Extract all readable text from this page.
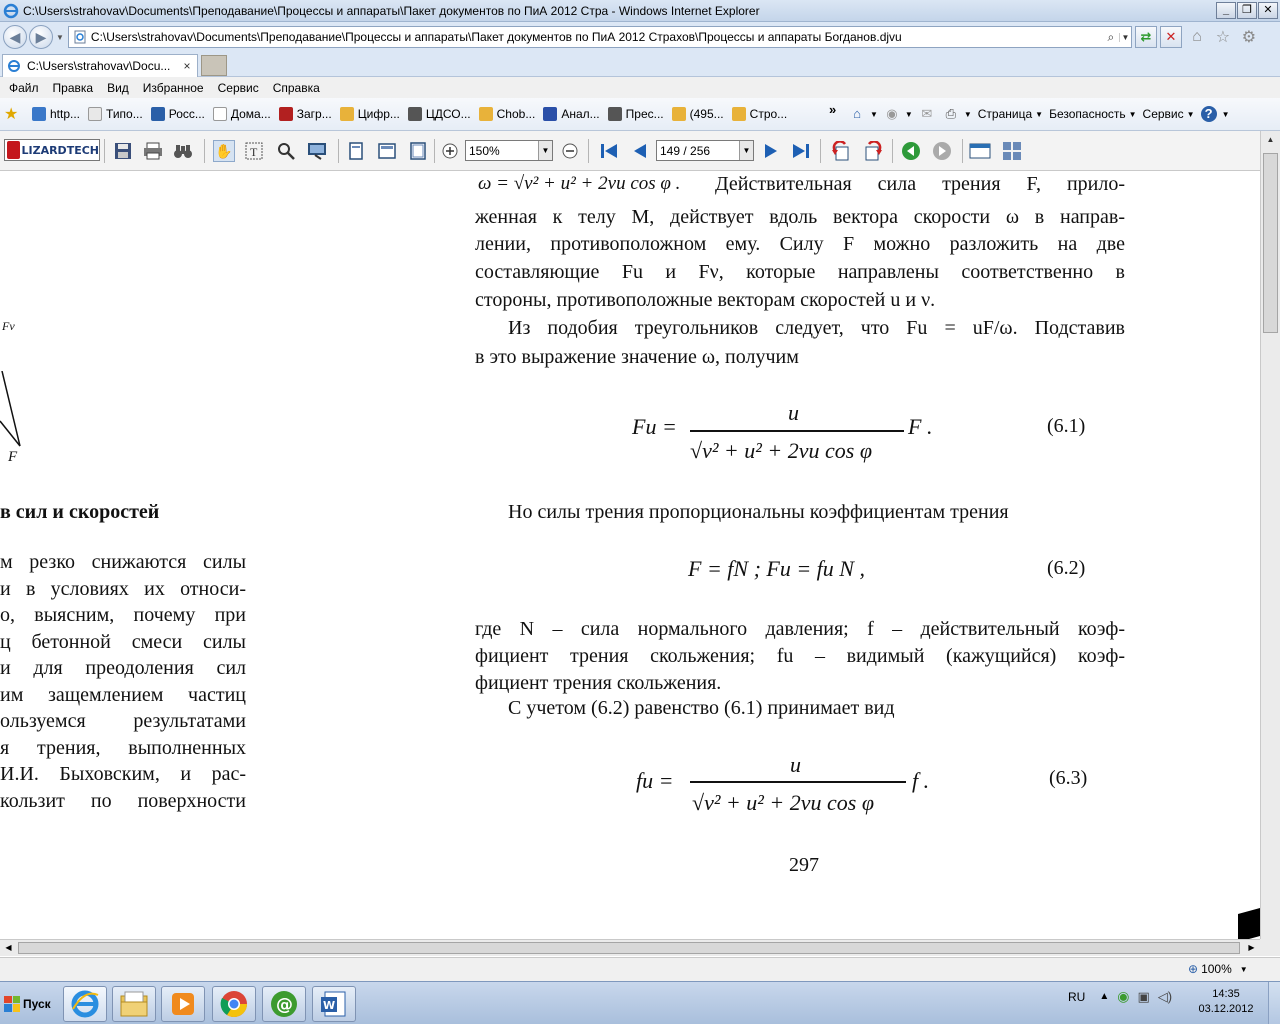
C:\Users\strahovav\Documents\Преподавание\Процессы и аппараты\Пакет документов по ПиА 2012 Стра - Windows Internet Explorer	_	❐	✕
◀ ▶ ▼ C:\Users\strahovav\Documents\Преподавание\Процессы и аппараты\Пакет документов по ПиА 2012 Страхов\Процессы и аппараты Богданов.djvu	⌕ ▼ ⇄ ✕ ⌂ ☆ ⚙
C:\Users\strahovav\Docu...	×
Файл	Правка	Вид	Избранное	Сервис	Справка
★	http... Типо... Росс... Дома... Загр... Цифр... ЦДСО... Chob... Анал... Прес... (495... Стро...	»	⌂	▼ ◉ ▼ ✉ ⎙ ▼ Страница ▼ Безопасность ▼ Сервис ▼ ?	▼
LIZARDTECH	✋ T	150%	▼	149 / 256	▼
Fν
F
в сил и скоростей
м резко снижаются силы
и в условиях их относи-
о, выясним, почему при
ц бетонной смеси силы
и для преодоления сил
им защемлением частиц
ользуемся результатами
я трения, выполненных
И.И. Быховским, и рас-
кользит по поверхности
ω = √ν² + u² + 2νu cos φ . Действительная сила трения F, прило-
женная к телу M, действует вдоль вектора скорости ω в направ-
лении, противоположном ему. Силу F можно разложить на две
составляющие Fu и Fν, которые направлены соответственно в
стороны, противоположные векторам скоростей u и ν.
Из подобия треугольников следует, что Fu = uF/ω. Подставив
в это выражение значение ω, получим
Fu =
u
√ν² + u² + 2νu cos φ
F .	(6.1)
Но силы трения пропорциональны коэффициентам трения
F = fN ; Fu = fu N ,	(6.2)
где N – сила нормального давления; f – действительный коэф-
фициент трения скольжения; fu – видимый (кажущийся) коэф-
фициент трения скольжения.
С учетом (6.2) равенство (6.1) принимает вид
fu =
u
√ν² + u² + 2νu cos φ
f .	(6.3)
297
▲
◀	▶
⊕ 100% ▼
Пуск	@	W
RU ▲ ◉ ▣ ◁)	14:35
03.12.2012
